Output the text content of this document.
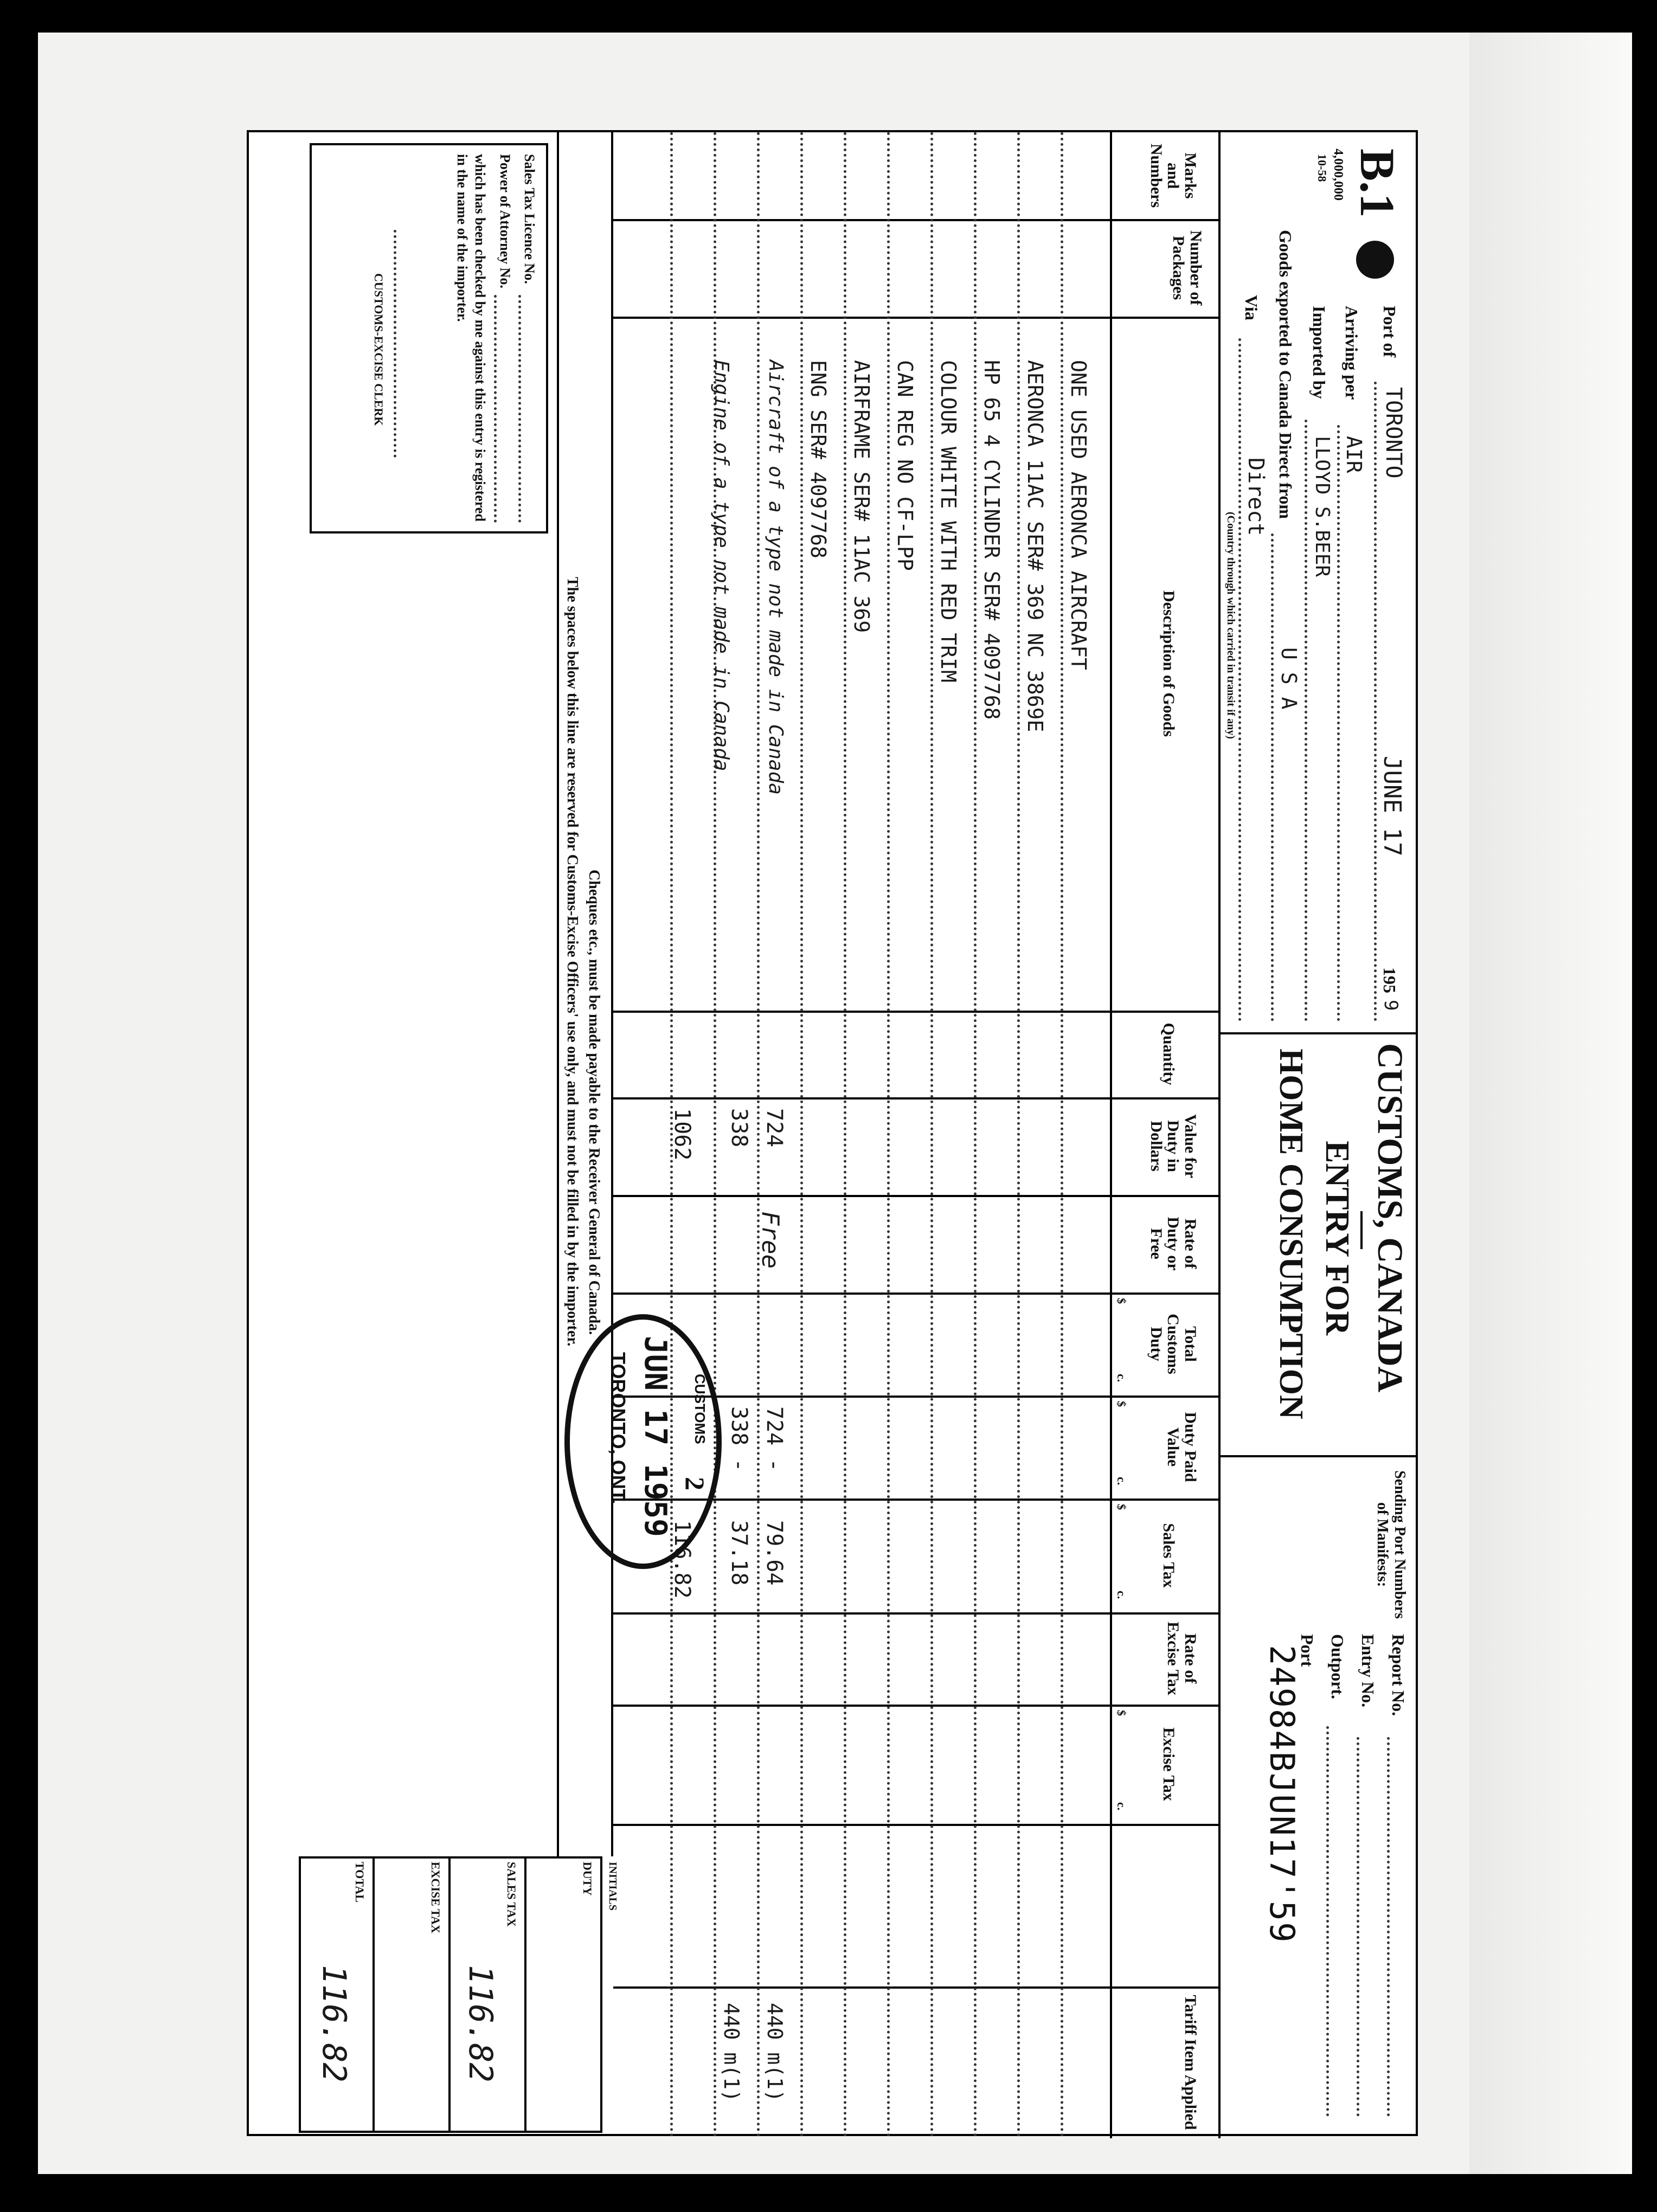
B.1
4,000,000
10-58
Port of
TORONTO
JUNE 17
195
9
Arriving per
AIR
Imported by
LLOYD S.BEER
Goods exported to Canada Direct from
U S A
Via
Direct
(Country through which carried in transit if any)
CUSTOMS, CANADA
ENTRY FOR
HOME CONSUMPTION
Sending Port Numbers of Manifests:
Report No.
Entry No.
Outport.
Port
24984BJUN17'59
Marks and Numbers
Number of Packages
Description of Goods
Quantity
Value for Duty in Dollars
Rate of Duty or Free
Total Customs Duty
Duty Paid Value
Sales Tax
Rate of Excise Tax
Excise Tax
Tariff Item Applied
$
c.
$
c.
$
c.
$
c.
ONE USED AERONCA AIRCRAFT
AERONCA 11AC SER# 369 NC 3869E
HP 65 4 CYLINDER SER# 4097768
COLOUR WHITE WITH RED TRIM
CAN REG NO CF-LPP
AIRFRAME SER# 11AC 369
ENG SER# 4097768
Aircraft of a type not made in Canada
Engine of a type not made in Canada
724
338
1062
Free
724 -
338 -
79.64
37.18
116.82
440 m(1)
440 m(1)
Sales Tax Licence No.
Power of Attorney No.
which has been checked by me against this entry is registered in the name of the importer.
CUSTOMS-EXCISE CLERK
Cheques etc., must be made payable to the Receiver General of Canada.
The spaces below this line are reserved for Customs-Excise Officers' use only, and must not be filled in by the importer.
INITIALS
DUTY
SALES TAX
116.82
EXCISE TAX
TOTAL
116.82
JUN 17 1959
TORONTO, ONT.	CUSTOMS
2
